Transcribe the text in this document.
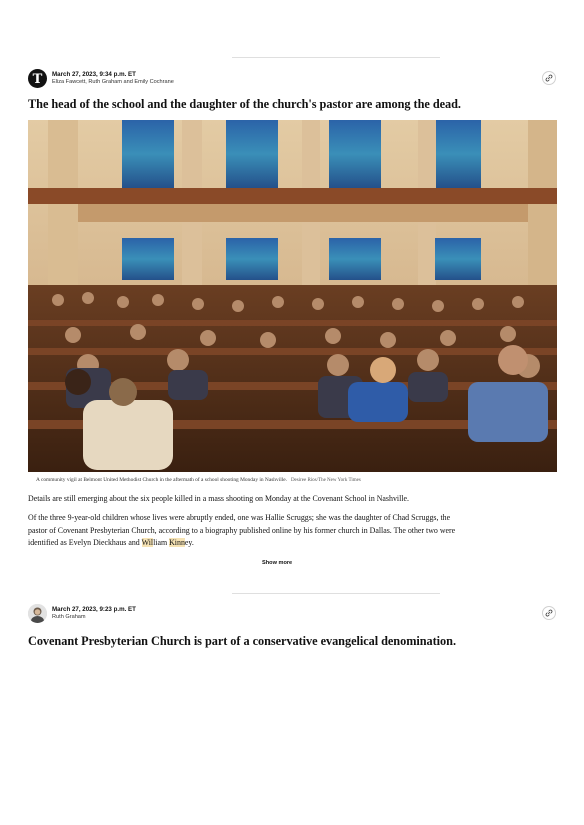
T March 27, 2023, 9:34 p.m. ET
Eliza Fawcett, Ruth Graham and Emily Cochrane
The head of the school and the daughter of the church's pastor are among the dead.
A community vigil at Belmont United Methodist Church in the aftermath of a school shooting Monday in Nashville. Desiree Rios/The New York Times

Details are still emerging about the six people killed in a mass shooting on Monday at the Covenant School in Nashville.

Of the three 9-year-old children whose lives were abruptly ended, one was Hallie Scruggs; she was the daughter of Chad Scruggs, the
pastor of Covenant Presbyterian Church, according to a biography published online by his former church in Dallas. The other two were
identified as Evelyn Dieckhaus and William Kinney.

Show more
March 27, 2023, 9:23 p.m. ET
Ruth Graham
Covenant Presbyterian Church is part of a conservative evangelical denomination.
